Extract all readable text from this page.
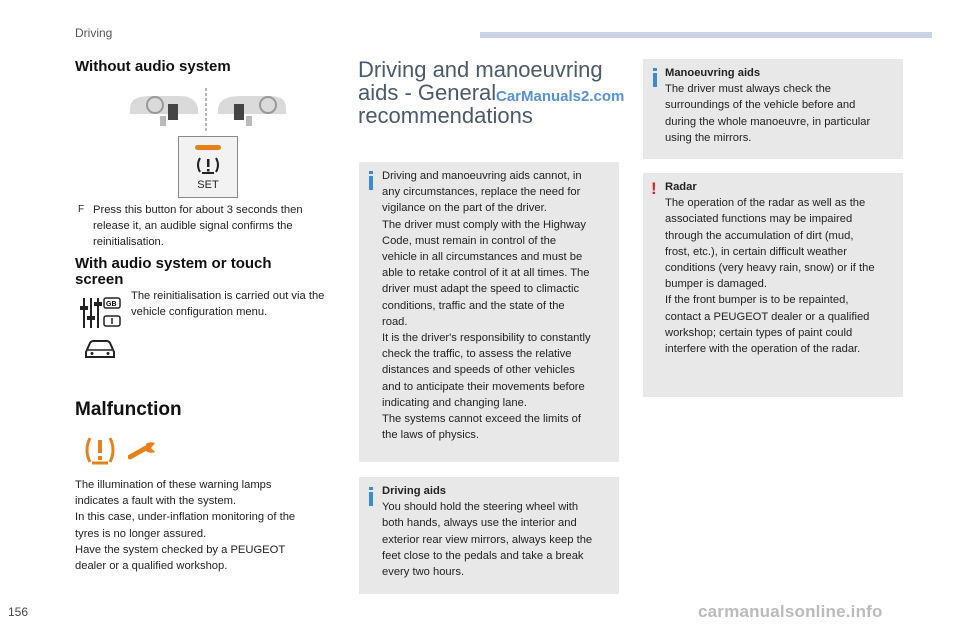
Driving
Without audio system
SET
F Press this button for about 3 seconds then release it, an audible signal confirms the reinitialisation.
With audio system or touch
screen
GB
The reinitialisation is carried out via the vehicle configuration menu.
Malfunction
The illumination of these warning lamps
indicates a fault with the system.
In this case, under-inflation monitoring of the
tyres is no longer assured.
Have the system checked by a PEUGEOT
dealer or a qualified workshop.
Driving and manoeuvring
aids - General
recommendations
CarManuals2.com
Driving and manoeuvring aids cannot, in
any circumstances, replace the need for
vigilance on the part of the driver.
The driver must comply with the Highway
Code, must remain in control of the
vehicle in all circumstances and must be
able to retake control of it at all times. The
driver must adapt the speed to climactic
conditions, traffic and the state of the
road.
It is the driver's responsibility to constantly
check the traffic, to assess the relative
distances and speeds of other vehicles
and to anticipate their movements before
indicating and changing lane.
The systems cannot exceed the limits of
the laws of physics.
Driving aids
You should hold the steering wheel with
both hands, always use the interior and
exterior rear view mirrors, always keep the
feet close to the pedals and take a break
every two hours.
Manoeuvring aids
The driver must always check the
surroundings of the vehicle before and
during the whole manoeuvre, in particular
using the mirrors.
! Radar
The operation of the radar as well as the
associated functions may be impaired
through the accumulation of dirt (mud,
frost, etc.), in certain difficult weather
conditions (very heavy rain, snow) or if the
bumper is damaged.
If the front bumper is to be repainted,
contact a PEUGEOT dealer or a qualified
workshop; certain types of paint could
interfere with the operation of the radar.
156	carmanualsonline.info
